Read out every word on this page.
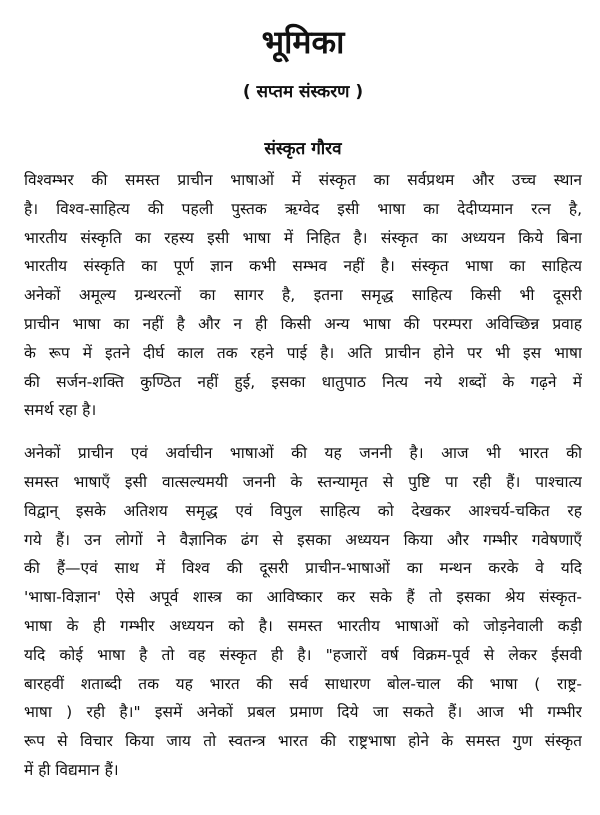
भूमिका
( सप्तम संस्करण )
संस्कृत गौरव
विश्वम्भर की समस्त प्राचीन भाषाओं में संस्कृत का सर्वप्रथम और उच्च स्थान
है। विश्व-साहित्य की पहली पुस्तक ऋग्वेद इसी भाषा का देदीप्यमान रत्न है,
भारतीय संस्कृति का रहस्य इसी भाषा में निहित है। संस्कृत का अध्ययन किये बिना
भारतीय संस्कृति का पूर्ण ज्ञान कभी सम्भव नहीं है। संस्कृत भाषा का साहित्य
अनेकों अमूल्य ग्रन्थरत्नों का सागर है, इतना समृद्ध साहित्य किसी भी दूसरी
प्राचीन भाषा का नहीं है और न ही किसी अन्य भाषा की परम्परा अविच्छिन्न प्रवाह
के रूप में इतने दीर्घ काल तक रहने पाई है। अति प्राचीन होने पर भी इस भाषा
की सर्जन-शक्ति कुण्ठित नहीं हुई, इसका धातुपाठ नित्य नये शब्दों के गढ़ने में
समर्थ रहा है।
अनेकों प्राचीन एवं अर्वाचीन भाषाओं की यह जननी है। आज भी भारत की
समस्त भाषाएँ इसी वात्सल्यमयी जननी के स्तन्यामृत से पुष्टि पा रही हैं। पाश्चात्य
विद्वान् इसके अतिशय समृद्ध एवं विपुल साहित्य को देखकर आश्चर्य-चकित रह
गये हैं। उन लोगों ने वैज्ञानिक ढंग से इसका अध्ययन किया और गम्भीर गवेषणाएँ
की हैं—एवं साथ में विश्व की दूसरी प्राचीन-भाषाओं का मन्थन करके वे यदि
'भाषा-विज्ञान' ऐसे अपूर्व शास्त्र का आविष्कार कर सके हैं तो इसका श्रेय संस्कृत-
भाषा के ही गम्भीर अध्ययन को है। समस्त भारतीय भाषाओं को जोड़नेवाली कड़ी
यदि कोई भाषा है तो वह संस्कृत ही है। "हजारों वर्ष विक्रम-पूर्व से लेकर ईसवी
बारहवीं शताब्दी तक यह भारत की सर्व साधारण बोल-चाल की भाषा ( राष्ट्र-
भाषा ) रही है।" इसमें अनेकों प्रबल प्रमाण दिये जा सकते हैं। आज भी गम्भीर
रूप से विचार किया जाय तो स्वतन्त्र भारत की राष्ट्रभाषा होने के समस्त गुण संस्कृत
में ही विद्यमान हैं।
